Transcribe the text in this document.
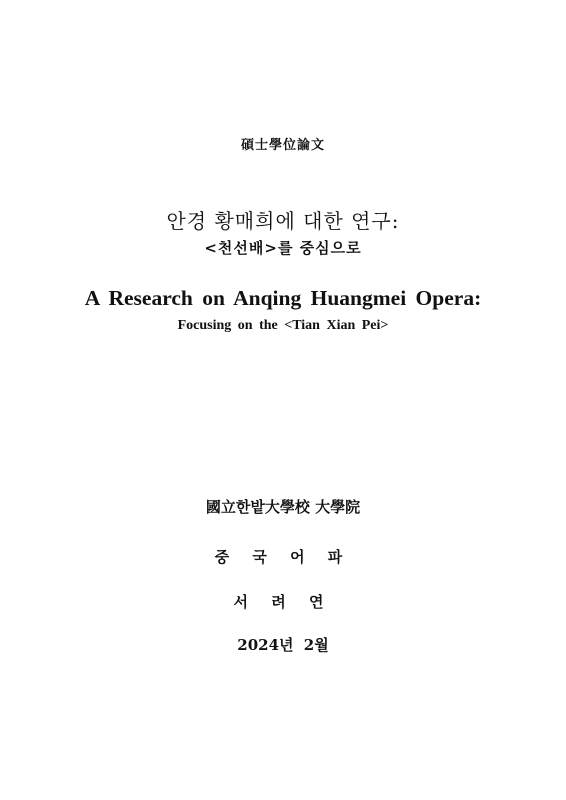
碩士學位論文
안경 황매희에 대한 연구:
<천선배>를 중심으로
A Research on Anqing Huangmei Opera:
Focusing on the <Tian Xian Pei>
國立한밭大學校 大學院
중 국 어 파
서 려 연
2024년 2월
